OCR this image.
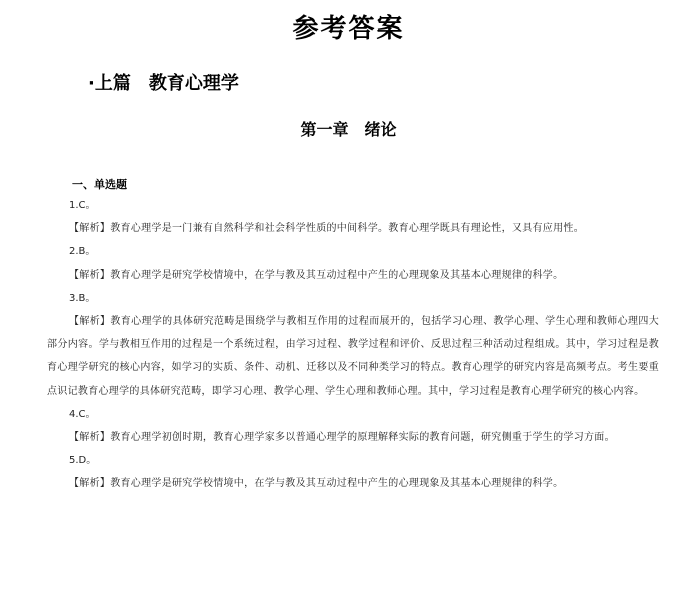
参考答案
·上篇　教育心理学
第一章　绪论
一、单选题

1.C。

【解析】教育心理学是一门兼有自然科学和社会科学性质的中间科学。教育心理学既具有理论性，又具有应用性。

2.B。

【解析】教育心理学是研究学校情境中，在学与教及其互动过程中产生的心理现象及其基本心理规律的科学。

3.B。

【解析】教育心理学的具体研究范畴是围绕学与教相互作用的过程而展开的，包括学习心理、教学心理、学生心理和教师心理四大部分内容。学与教相互作用的过程是一个系统过程，由学习过程、教学过程和评价、反思过程三种活动过程组成。其中，学习过程是教育心理学研究的核心内容，如学习的实质、条件、动机、迁移以及不同种类学习的特点。教育心理学的研究内容是高频考点。考生要重点识记教育心理学的具体研究范畴，即学习心理、教学心理、学生心理和教师心理。其中，学习过程是教育心理学研究的核心内容。

4.C。

【解析】教育心理学初创时期，教育心理学家多以普通心理学的原理解释实际的教育问题，研究侧重于学生的学习方面。

5.D。

【解析】教育心理学是研究学校情境中，在学与教及其互动过程中产生的心理现象及其基本心理规律的科学。
